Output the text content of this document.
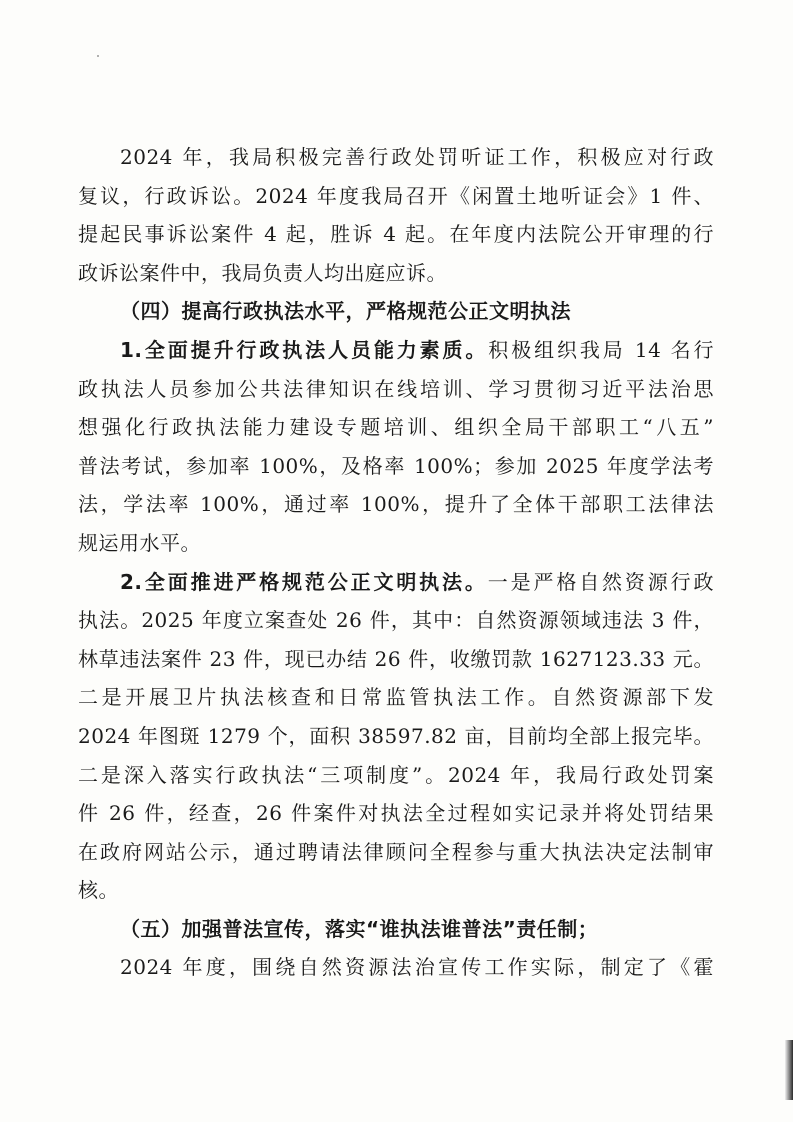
2024 年，我局积极完善行政处罚听证工作，积极应对行政
复议，行政诉讼。2024 年度我局召开《闲置土地听证会》1 件、
提起民事诉讼案件 4 起，胜诉 4 起。在年度内法院公开审理的行
政诉讼案件中，我局负责人均出庭应诉。
（四）提高行政执法水平，严格规范公正文明执法
1.全面提升行政执法人员能力素质。积极组织我局 14 名行
政执法人员参加公共法律知识在线培训、学习贯彻习近平法治思
想强化行政执法能力建设专题培训、组织全局干部职工“八五”
普法考试，参加率 100%，及格率 100%；参加 2025 年度学法考
法，学法率 100%，通过率 100%，提升了全体干部职工法律法
规运用水平。
2.全面推进严格规范公正文明执法。一是严格自然资源行政
执法。2025 年度立案查处 26 件，其中：自然资源领域违法 3 件，
林草违法案件 23 件，现已办结 26 件，收缴罚款 1627123.33 元。
二是开展卫片执法核查和日常监管执法工作。自然资源部下发
2024 年图斑 1279 个，面积 38597.82 亩，目前均全部上报完毕。
二是深入落实行政执法“三项制度”。2024 年，我局行政处罚案
件 26 件，经查，26 件案件对执法全过程如实记录并将处罚结果
在政府网站公示，通过聘请法律顾问全程参与重大执法决定法制审
核。
（五）加强普法宣传，落实“谁执法谁普法”责任制；
2024 年度，围绕自然资源法治宣传工作实际，制定了《霍
